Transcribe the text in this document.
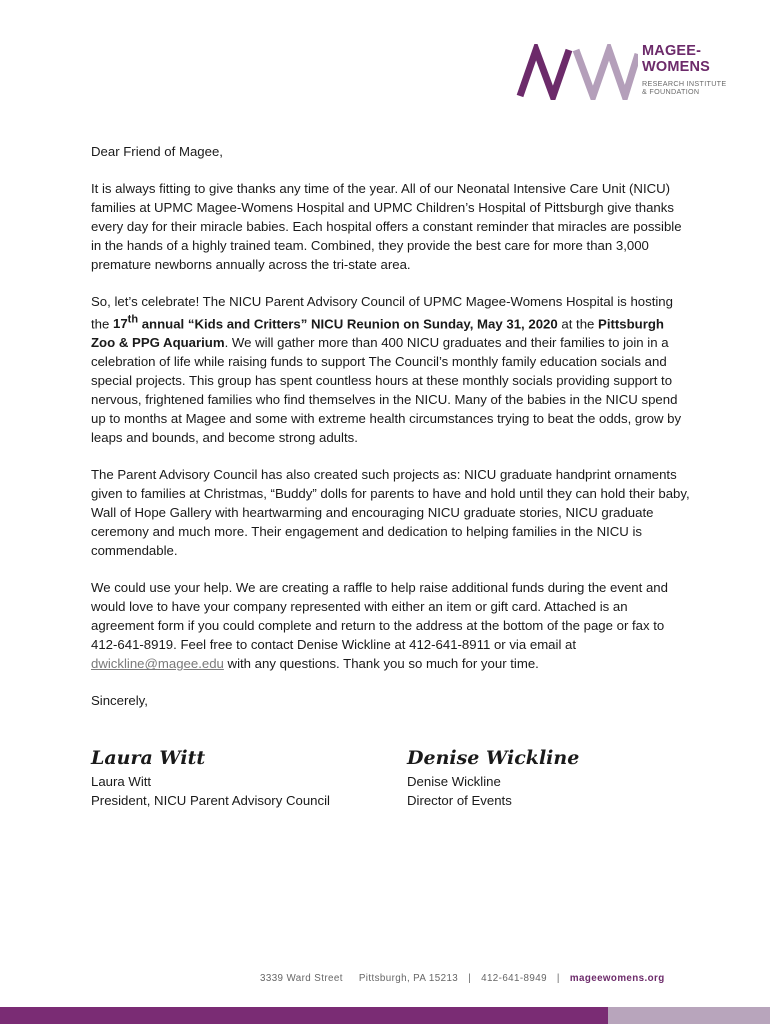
MAGEE-
WOMENS
RESEARCH INSTITUTE
& FOUNDATION

Dear Friend of Magee,

It is always fitting to give thanks any time of the year. All of our Neonatal Intensive Care Unit (NICU) families at UPMC Magee-Womens Hospital and UPMC Children’s Hospital of Pittsburgh give thanks every day for their miracle babies. Each hospital offers a constant reminder that miracles are possible in the hands of a highly trained team. Combined, they provide the best care for more than 3,000 premature newborns annually across the tri-state area.

So, let’s celebrate! The NICU Parent Advisory Council of UPMC Magee-Womens Hospital is hosting the 17th annual “Kids and Critters” NICU Reunion on Sunday, May 31, 2020 at the Pittsburgh Zoo & PPG Aquarium. We will gather more than 400 NICU graduates and their families to join in a celebration of life while raising funds to support The Council’s monthly family education socials and special projects. This group has spent countless hours at these monthly socials providing support to nervous, frightened families who find themselves in the NICU. Many of the babies in the NICU spend up to months at Magee and some with extreme health circumstances trying to beat the odds, grow by leaps and bounds, and become strong adults.

The Parent Advisory Council has also created such projects as: NICU graduate handprint ornaments given to families at Christmas, “Buddy” dolls for parents to have and hold until they can hold their baby, Wall of Hope Gallery with heartwarming and encouraging NICU graduate stories, NICU graduate ceremony and much more. Their engagement and dedication to helping families in the NICU is commendable.

We could use your help. We are creating a raffle to help raise additional funds during the event and would love to have your company represented with either an item or gift card. Attached is an agreement form if you could complete and return to the address at the bottom of the page or fax to 412-641-8919. Feel free to contact Denise Wickline at 412-641-8911 or via email at dwickline@magee.edu with any questions. Thank you so much for your time.

Sincerely,

Laura Witt
Laura Witt
President, NICU Parent Advisory Council
Denise Wickline
Denise Wickline
Director of Events
3339 Ward Street Pittsburgh, PA 15213 | 412-641-8949 | mageewomens.org
